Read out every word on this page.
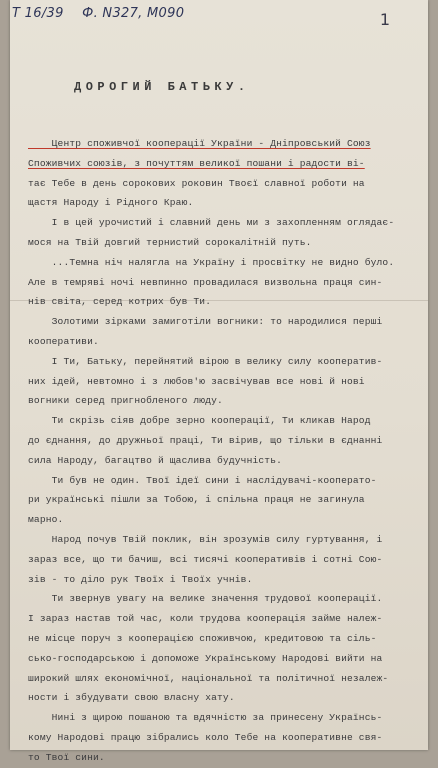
Т 16/39 Ф. N327, М090	1
ДОРОГИЙ БАТЬКУ.
Центр споживчої кооперації України - Дніпровський Союз
Споживчих союзів, з почуттям великої пошани і радости ві-
тає Тебе в день сорокових роковин Твоєї славної роботи на
щастя Народу і Рідного Краю.
І в цей урочистий і славний день ми з захопленням оглядає-
мося на Твій довгий тернистий сорокалітній путь.
...Темна ніч налягла на Україну і просвітку не видно було.
Але в темряві ночі невпинно провадилася визвольна праця син-
нів світа, серед котрих був Ти.
Золотими зірками замиготіли вогники: то народилися перші
кооперативи.
І Ти, Батьку, перейнятий вірою в велику силу кооператив-
них ідей, невтомно і з любов'ю засвічував все нові й нові
вогники серед пригнобленого люду.
Ти скрізь сіяв добре зерно кооперації, Ти кликав Народ
до єднання, до дружньої праці, Ти вірив, що тільки в єднанні
сила Народу, багацтво й щаслива будучність.
Ти був не один. Твої ідеї сини і наслідувачі-кооперато-
ри українські пішли за Тобою, і спільна праця не загинула
марно.
Народ почув Твій поклик, він зрозумів силу гуртування, і
зараз все, що ти бачиш, всі тисячі кооперативів і сотні Сою-
зів - то діло рук Твоїх і Твоїх учнів.
Ти звернув увагу на велике значення трудової кооперації.
І зараз настав той час, коли трудова кооперація займе належ-
не місце поруч з кооперацією споживчою, кредитовою та сіль-
сько-господарською і допоможе Українському Народові вийти на
широкий шлях економічної, національної та політичної незалеж-
ности і збудувати свою власну хату.
Нині з щирою пошаною та вдячністю за принесену Українсь-
кому Народові працю зібрались коло Тебе на кооперативне свя-
то Твої сини.
